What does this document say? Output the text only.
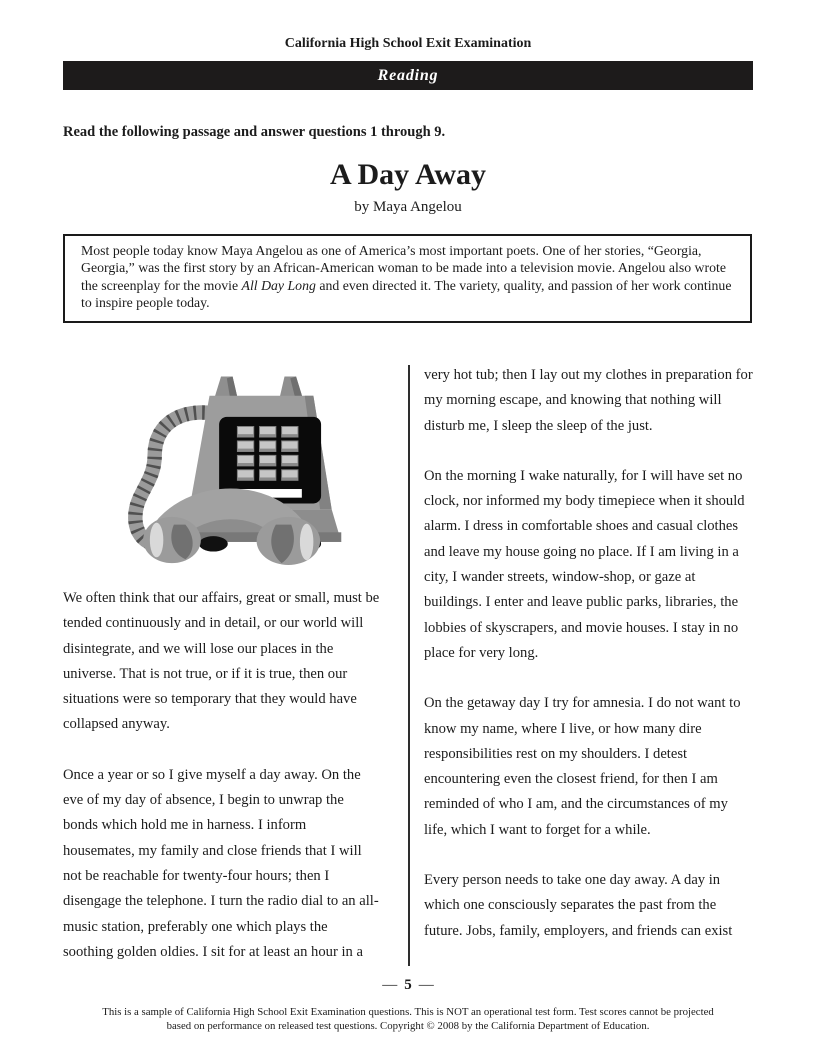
California High School Exit Examination
Reading
Read the following passage and answer questions 1 through 9.
A Day Away
by Maya Angelou
Most people today know Maya Angelou as one of America’s most important poets. One of her stories, “Georgia, Georgia,” was the first story by an African-American woman to be made into a television movie. Angelou also wrote the screenplay for the movie All Day Long and even directed it. The variety, quality, and passion of her work continue to inspire people today.

We often think that our affairs, great or small, must be tended continuously and in detail, or our world will disintegrate, and we will lose our places in the universe. That is not true, or if it is true, then our situations were so temporary that they would have collapsed anyway.

Once a year or so I give myself a day away. On the eve of my day of absence, I begin to unwrap the bonds which hold me in harness. I inform housemates, my family and close friends that I will not be reachable for twenty-four hours; then I disengage the telephone. I turn the radio dial to an all-music station, preferably one which plays the soothing golden oldies. I sit for at least an hour in a

very hot tub; then I lay out my clothes in preparation for my morning escape, and knowing that nothing will disturb me, I sleep the sleep of the just.

On the morning I wake naturally, for I will have set no clock, nor informed my body timepiece when it should alarm. I dress in comfortable shoes and casual clothes and leave my house going no place. If I am living in a city, I wander streets, window-shop, or gaze at buildings. I enter and leave public parks, libraries, the lobbies of skyscrapers, and movie houses. I stay in no place for very long.

On the getaway day I try for amnesia. I do not want to know my name, where I live, or how many dire responsibilities rest on my shoulders. I detest encountering even the closest friend, for then I am reminded of who I am, and the circumstances of my life, which I want to forget for a while.

Every person needs to take one day away. A day in which one consciously separates the past from the future. Jobs, family, employers, and friends can exist

— 5 —
This is a sample of California High School Exit Examination questions. This is NOT an operational test form. Test scores cannot be projected
based on performance on released test questions. Copyright © 2008 by the California Department of Education.
